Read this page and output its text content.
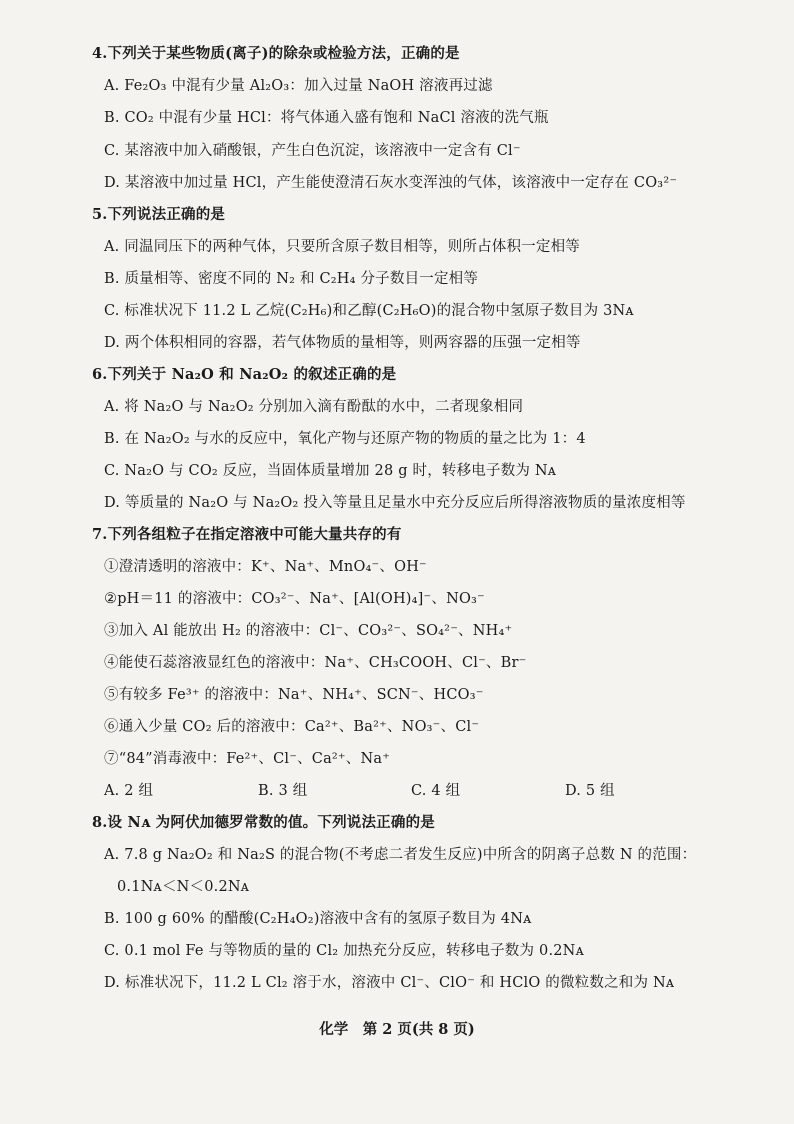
4.下列关于某些物质(离子)的除杂或检验方法，正确的是
A. Fe₂O₃ 中混有少量 Al₂O₃：加入过量 NaOH 溶液再过滤
B. CO₂ 中混有少量 HCl：将气体通入盛有饱和 NaCl 溶液的洗气瓶
C. 某溶液中加入硝酸银，产生白色沉淀，该溶液中一定含有 Cl⁻
D. 某溶液中加过量 HCl，产生能使澄清石灰水变浑浊的气体，该溶液中一定存在 CO₃²⁻
5.下列说法正确的是
A. 同温同压下的两种气体，只要所含原子数目相等，则所占体积一定相等
B. 质量相等、密度不同的 N₂ 和 C₂H₄ 分子数目一定相等
C. 标准状况下 11.2 L 乙烷(C₂H₆)和乙醇(C₂H₆O)的混合物中氢原子数目为 3Nᴀ
D. 两个体积相同的容器，若气体物质的量相等，则两容器的压强一定相等
6.下列关于 Na₂O 和 Na₂O₂ 的叙述正确的是
A. 将 Na₂O 与 Na₂O₂ 分别加入滴有酚酞的水中，二者现象相同
B. 在 Na₂O₂ 与水的反应中，氧化产物与还原产物的物质的量之比为 1：4
C. Na₂O 与 CO₂ 反应，当固体质量增加 28 g 时，转移电子数为 Nᴀ
D. 等质量的 Na₂O 与 Na₂O₂ 投入等量且足量水中充分反应后所得溶液物质的量浓度相等
7.下列各组粒子在指定溶液中可能大量共存的有
①澄清透明的溶液中：K⁺、Na⁺、MnO₄⁻、OH⁻
②pH＝11 的溶液中：CO₃²⁻、Na⁺、[Al(OH)₄]⁻、NO₃⁻
③加入 Al 能放出 H₂ 的溶液中：Cl⁻、CO₃²⁻、SO₄²⁻、NH₄⁺
④能使石蕊溶液显红色的溶液中：Na⁺、CH₃COOH、Cl⁻、Br⁻
⑤有较多 Fe³⁺ 的溶液中：Na⁺、NH₄⁺、SCN⁻、HCO₃⁻
⑥通入少量 CO₂ 后的溶液中：Ca²⁺、Ba²⁺、NO₃⁻、Cl⁻
⑦“84”消毒液中：Fe²⁺、Cl⁻、Ca²⁺、Na⁺
A. 2 组	B. 3 组	C. 4 组	D. 5 组
8.设 Nᴀ 为阿伏加德罗常数的值。下列说法正确的是
A. 7.8 g Na₂O₂ 和 Na₂S 的混合物(不考虑二者发生反应)中所含的阴离子总数 N 的范围：
0.1Nᴀ＜N＜0.2Nᴀ
B. 100 g 60% 的醋酸(C₂H₄O₂)溶液中含有的氢原子数目为 4Nᴀ
C. 0.1 mol Fe 与等物质的量的 Cl₂ 加热充分反应，转移电子数为 0.2Nᴀ
D. 标准状况下，11.2 L Cl₂ 溶于水，溶液中 Cl⁻、ClO⁻ 和 HClO 的微粒数之和为 Nᴀ
化学　第 2 页(共 8 页)
